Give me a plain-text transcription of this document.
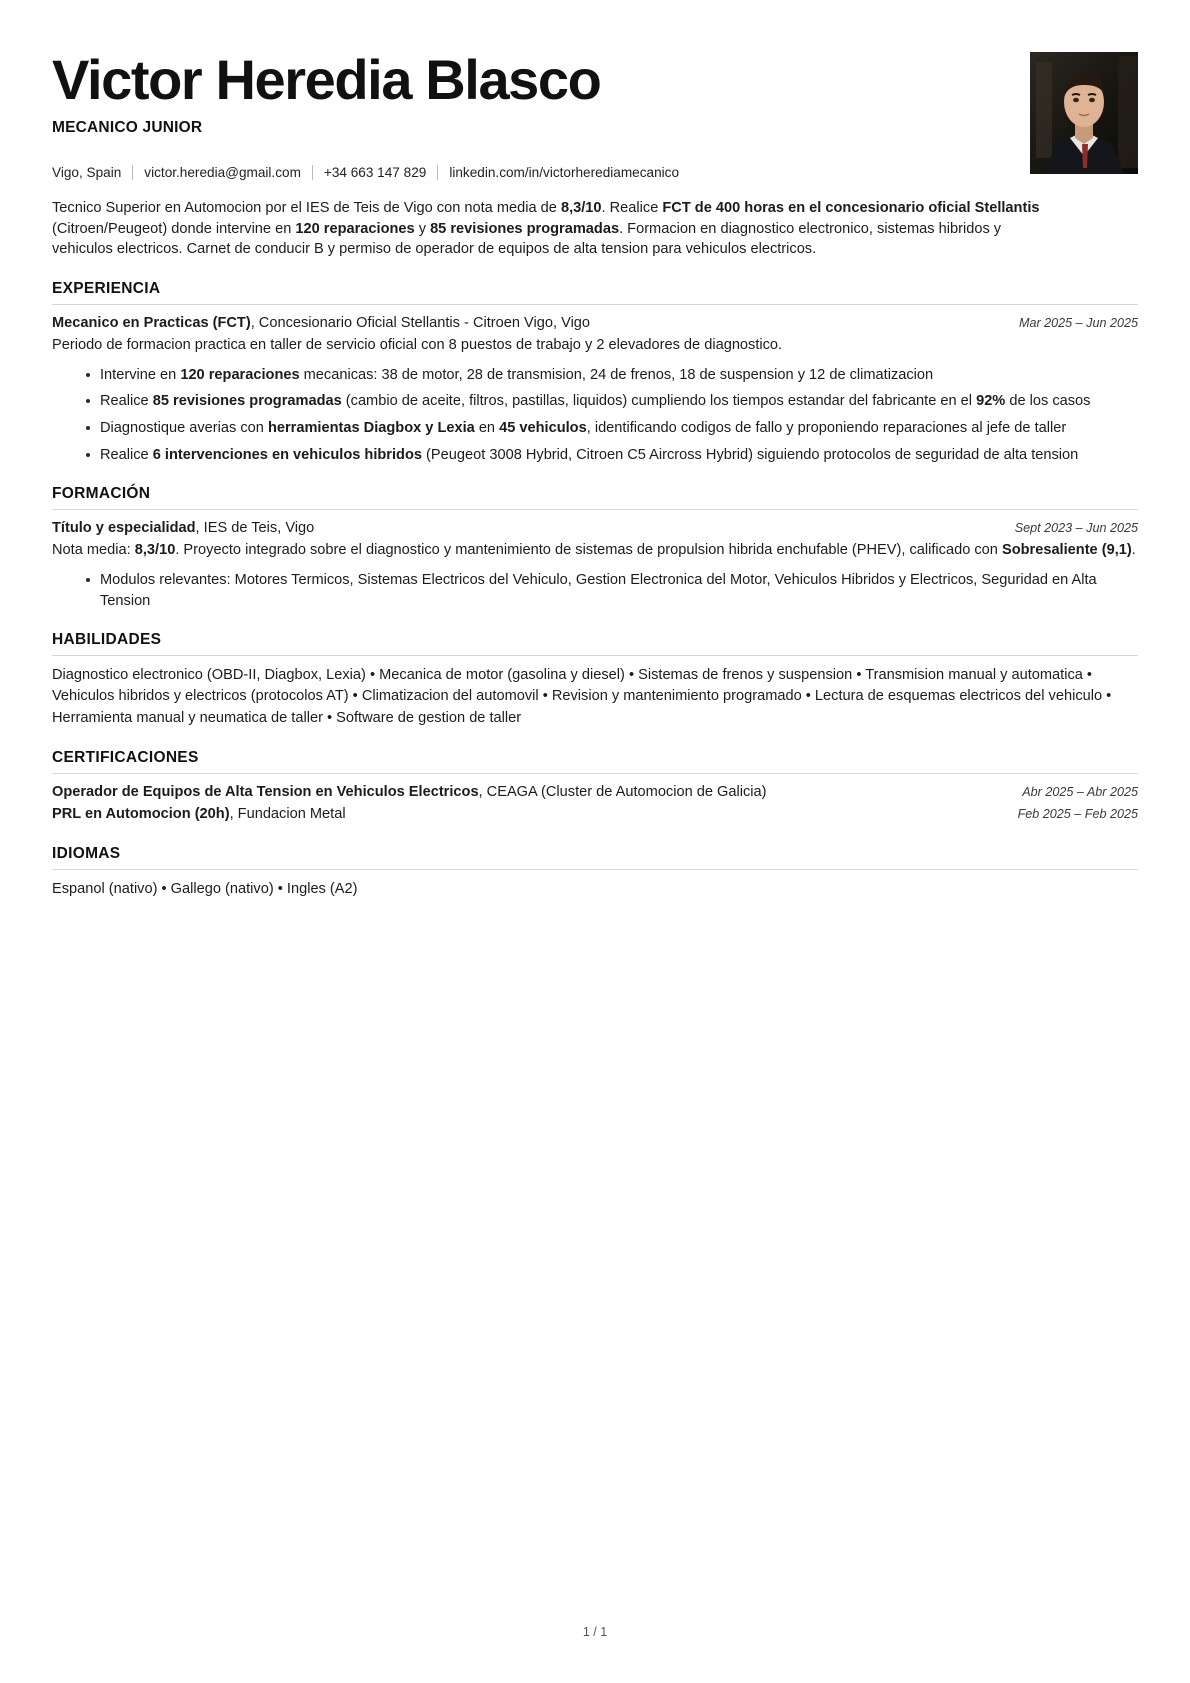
Victor Heredia Blasco
MECANICO JUNIOR
Vigo, Spain victor.heredia@gmail.com +34 663 147 829 linkedin.com/in/victorherediamecanico
Tecnico Superior en Automocion por el IES de Teis de Vigo con nota media de 8,3/10. Realice FCT de 400 horas en el concesionario oficial Stellantis (Citroen/Peugeot) donde intervine en 120 reparaciones y 85 revisiones programadas. Formacion en diagnostico electronico, sistemas hibridos y vehiculos electricos. Carnet de conducir B y permiso de operador de equipos de alta tension para vehiculos electricos.
EXPERIENCIA
Mecanico en Practicas (FCT), Concesionario Oficial Stellantis - Citroen Vigo, Vigo	Mar 2025 – Jun 2025
Periodo de formacion practica en taller de servicio oficial con 8 puestos de trabajo y 2 elevadores de diagnostico.
Intervine en 120 reparaciones mecanicas: 38 de motor, 28 de transmision, 24 de frenos, 18 de suspension y 12 de climatizacion
Realice 85 revisiones programadas (cambio de aceite, filtros, pastillas, liquidos) cumpliendo los tiempos estandar del fabricante en el 92% de los casos
Diagnostique averias con herramientas Diagbox y Lexia en 45 vehiculos, identificando codigos de fallo y proponiendo reparaciones al jefe de taller
Realice 6 intervenciones en vehiculos hibridos (Peugeot 3008 Hybrid, Citroen C5 Aircross Hybrid) siguiendo protocolos de seguridad de alta tension
FORMACIÓN
Título y especialidad, IES de Teis, Vigo	Sept 2023 – Jun 2025
Nota media: 8,3/10. Proyecto integrado sobre el diagnostico y mantenimiento de sistemas de propulsion hibrida enchufable (PHEV), calificado con Sobresaliente (9,1).
Modulos relevantes: Motores Termicos, Sistemas Electricos del Vehiculo, Gestion Electronica del Motor, Vehiculos Hibridos y Electricos, Seguridad en Alta Tension
HABILIDADES
Diagnostico electronico (OBD-II, Diagbox, Lexia) • Mecanica de motor (gasolina y diesel) • Sistemas de frenos y suspension • Transmision manual y automatica • Vehiculos hibridos y electricos (protocolos AT) • Climatizacion del automovil • Revision y mantenimiento programado • Lectura de esquemas electricos del vehiculo • Herramienta manual y neumatica de taller • Software de gestion de taller
CERTIFICACIONES
Operador de Equipos de Alta Tension en Vehiculos Electricos, CEAGA (Cluster de Automocion de Galicia)	Abr 2025 – Abr 2025
PRL en Automocion (20h), Fundacion Metal	Feb 2025 – Feb 2025
IDIOMAS
Espanol (nativo) • Gallego (nativo) • Ingles (A2)
1 / 1
